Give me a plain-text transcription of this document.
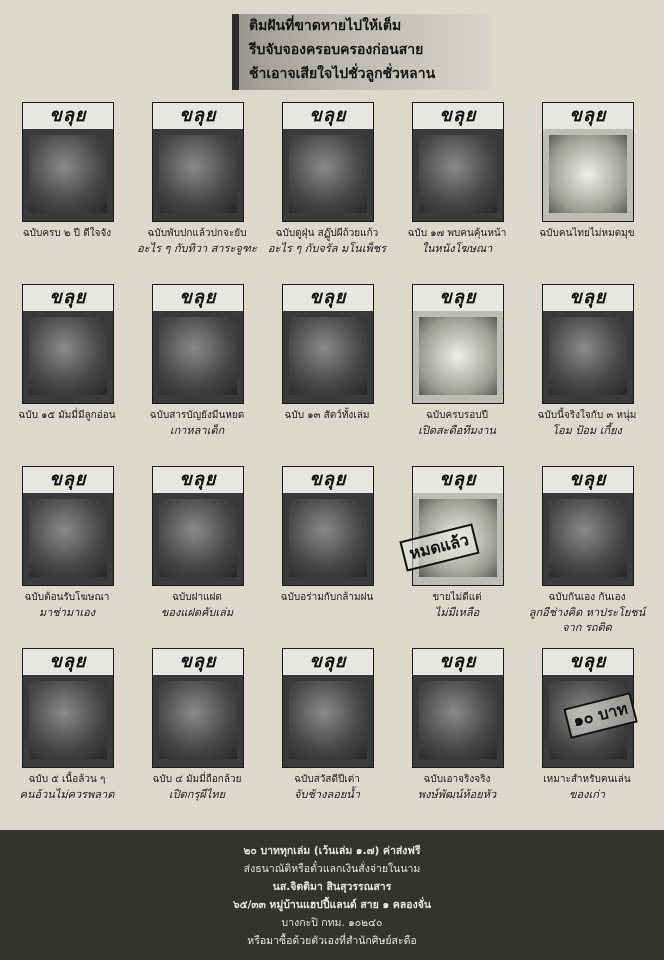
ติมฝันที่ขาดหายไปให้เต็ม
รีบจับจองครอบครองก่อนสาย
ช้าเอาจเสียใจไปชั่วลูกชั่วหลาน
ขลุย
ฉบับครบ ๒ ปี ดีใจจัง
ขลุย
ฉบับพับปกแล้วปกจะยับ
อะไร ๆ กับทิวา สาระจูฑะ
ขลุย
ฉบับดูฝุ่น สฏู๊ปผีถ้วยแก้ว
อะไร ๆ กับจรัล มโนเพ็ชร
ขลุย
ฉบับ ๑๗ พบคนคุ้นหน้า
ในหนังโฆษณา
ขลุย
ฉบับคนไทยไม่หมดมุข
ขลุย
ฉบับ ๑๕ มัมมี่มีลูกอ่อน
ขลุย
ฉบับสารบัญยังมีนหยด
เกาหลาเด็ก
ขลุย
ฉบับ ๑๓ สัตว์ทั้งเล่ม
ขลุย
ฉบับครบรอบปี
เปิดสะดือทีมงาน
ขลุย
ฉบับนี้จริงใจกับ ๓ หนุ่ม
โอม ป้อม เกี้ยง
ขลุย
ฉบับต้อนรับโฆษณา
มาช่ามาเอง
ขลุย
ฉบับฝาแฝด
ของแฝดคับเล่ม
ขลุย
ฉบับอร่ามกับกล้ามฝน
ขลุย
ขายไม่ดีแต่
ไม่มีเหลือ
ขลุย
ฉบับกันเอง กันเอง
ลูกอีช่างคิด หาประโยชน์จาก รถติด
ขลุย
ฉบับ ๕ เนื้อล้วน ๆ
คนอ้วนไม่ควรพลาด
ขลุย
ฉบับ ๔ มัมมี่ถือกล้วย
เปิดกรุผีไทย
ขลุย
ฉบับสวัสดีปีเต่า
จับช้างลอยน้ำ
ขลุย
ฉบับเอาจริงจริง
พงษ์พัฒน์ห้อยหัว
ขลุย
เหมาะสำหรับคนเล่น
ของเก่า
หมดแล้ว
๑๐ บาท
๒๐ บาททุกเล่ม (เว้นเล่ม ๑.๗) ค่าส่งฟรี
ส่งธนาณัติหรือตั๋วแลกเงินสั่งจ่ายในนาม
นส.จิตติมา สินสุวรรณสาร
๖๕/๓๓ หมู่บ้านแฮปปี้แลนด์ สาย ๑ คลองจั่น
บางกะปิ กทม. ๑๐๒๔๐
หรือมาซื้อด้วยตัวเองที่สำนักศิษย์สะดือ
